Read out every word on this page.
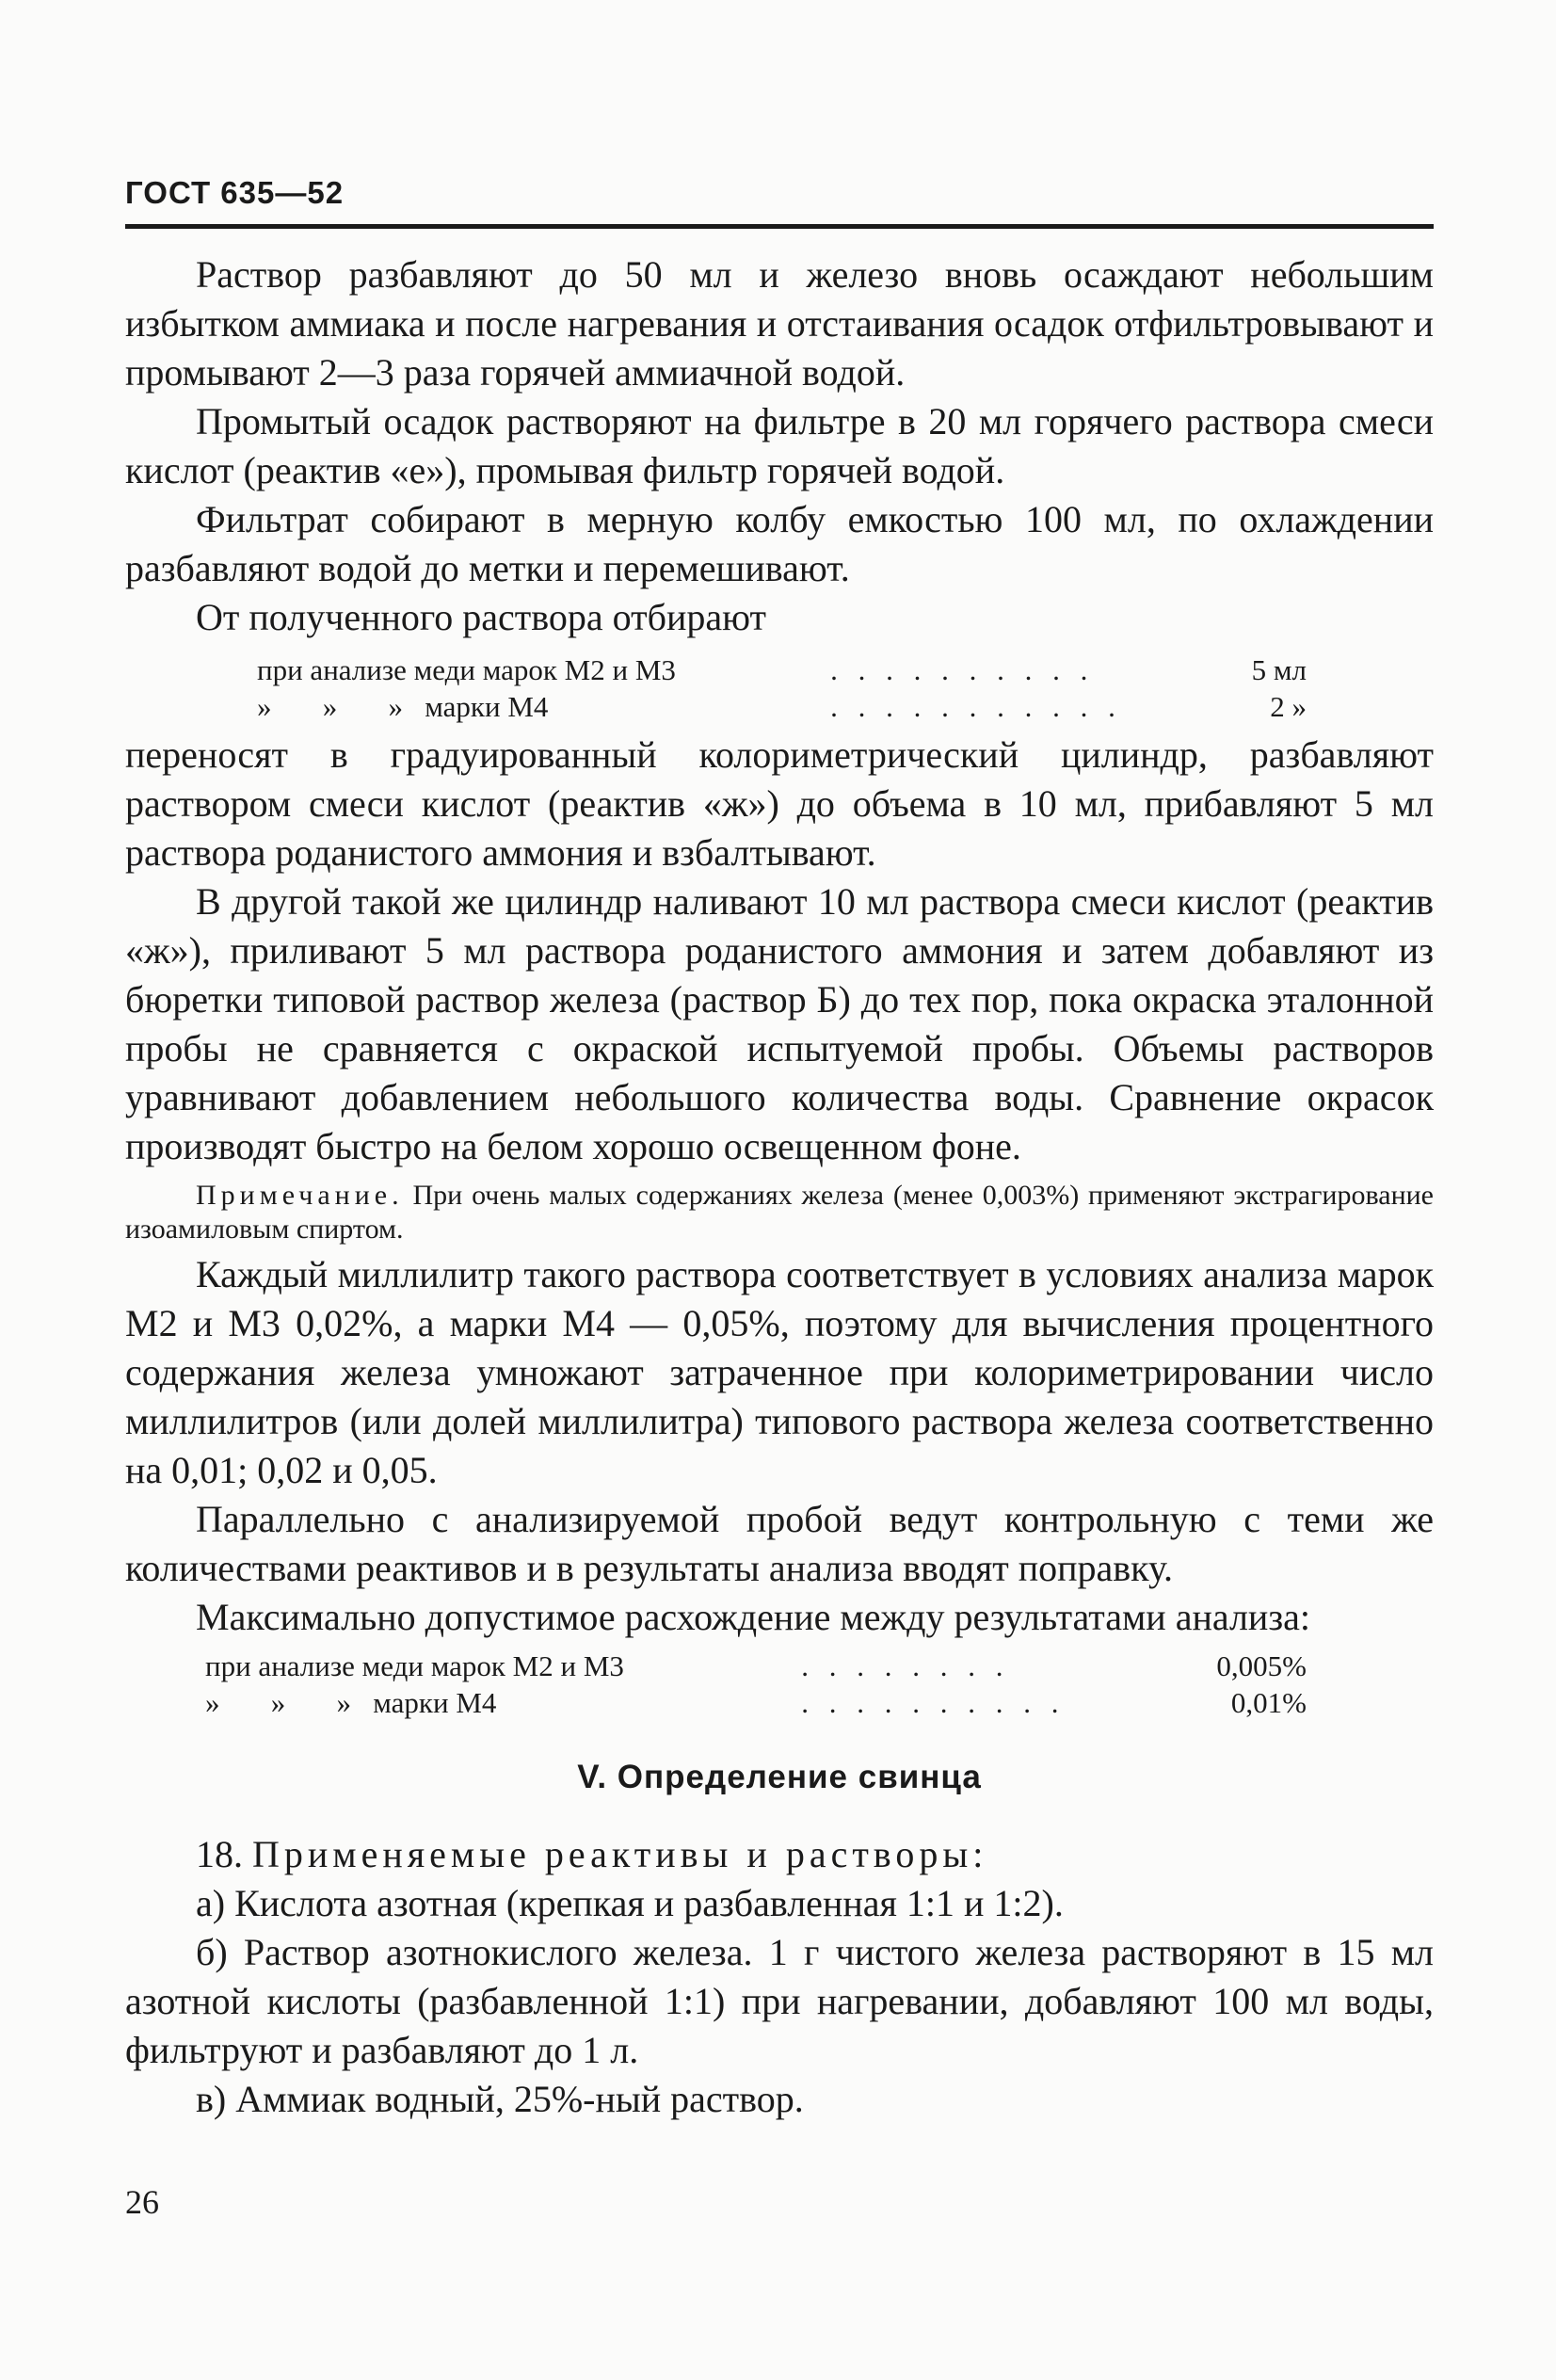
ГОСТ 635—52

Раствор разбавляют до 50 мл и железо вновь осаждают небольшим избытком аммиака и после нагревания и отстаивания осадок отфильтровывают и промывают 2—3 раза горячей аммиачной водой.

Промытый осадок растворяют на фильтре в 20 мл горячего раствора смеси кислот (реактив «е»), промывая фильтр горячей водой.

Фильтрат собирают в мерную колбу емкостью 100 мл, по охлаждении разбавляют водой до метки и перемешивают.

От полученного раствора отбирают

при анализе меди марок М2 и М3	. . . . . . . . . .	5 мл
»       »       »   марки М4	. . . . . . . . . . .	2 »

переносят в градуированный колориметрический цилиндр, разбавляют раствором смеси кислот (реактив «ж») до объема в 10 мл, прибавляют 5 мл раствора роданистого аммония и взбалтывают.

В другой такой же цилиндр наливают 10 мл раствора смеси кислот (реактив «ж»), приливают 5 мл раствора роданистого аммония и затем добавляют из бюретки типовой раствор железа (раствор Б) до тех пор, пока окраска эталонной пробы не сравняется с окраской испытуемой пробы. Объемы растворов уравнивают добавлением небольшого количества воды. Сравнение окрасок производят быстро на белом хорошо освещенном фоне.

Примечание. При очень малых содержаниях железа (менее 0,003%) применяют экстрагирование изоамиловым спиртом.

Каждый миллилитр такого раствора соответствует в условиях анализа марок М2 и М3 0,02%, а марки М4 — 0,05%, поэтому для вычисления процентного содержания железа умножают затраченное при колориметрировании число миллилитров (или долей миллилитра) типового раствора железа соответственно на 0,01; 0,02 и 0,05.

Параллельно с анализируемой пробой ведут контрольную с теми же количествами реактивов и в результаты анализа вводят поправку.

Максимально допустимое расхождение между результатами анализа:

при анализе меди марок М2 и М3	. . . . . . . .	0,005%
»       »       »   марки М4	. . . . . . . . . .	0,01%
V. Определение свинца

18. Применяемые реактивы и растворы:

а) Кислота азотная (крепкая и разбавленная 1:1 и 1:2).

б) Раствор азотнокислого железа. 1 г чистого железа растворяют в 15 мл азотной кислоты (разбавленной 1:1) при нагревании, добавляют 100 мл воды, фильтруют и разбавляют до 1 л.

в) Аммиак водный, 25%-ный раствор.

26
